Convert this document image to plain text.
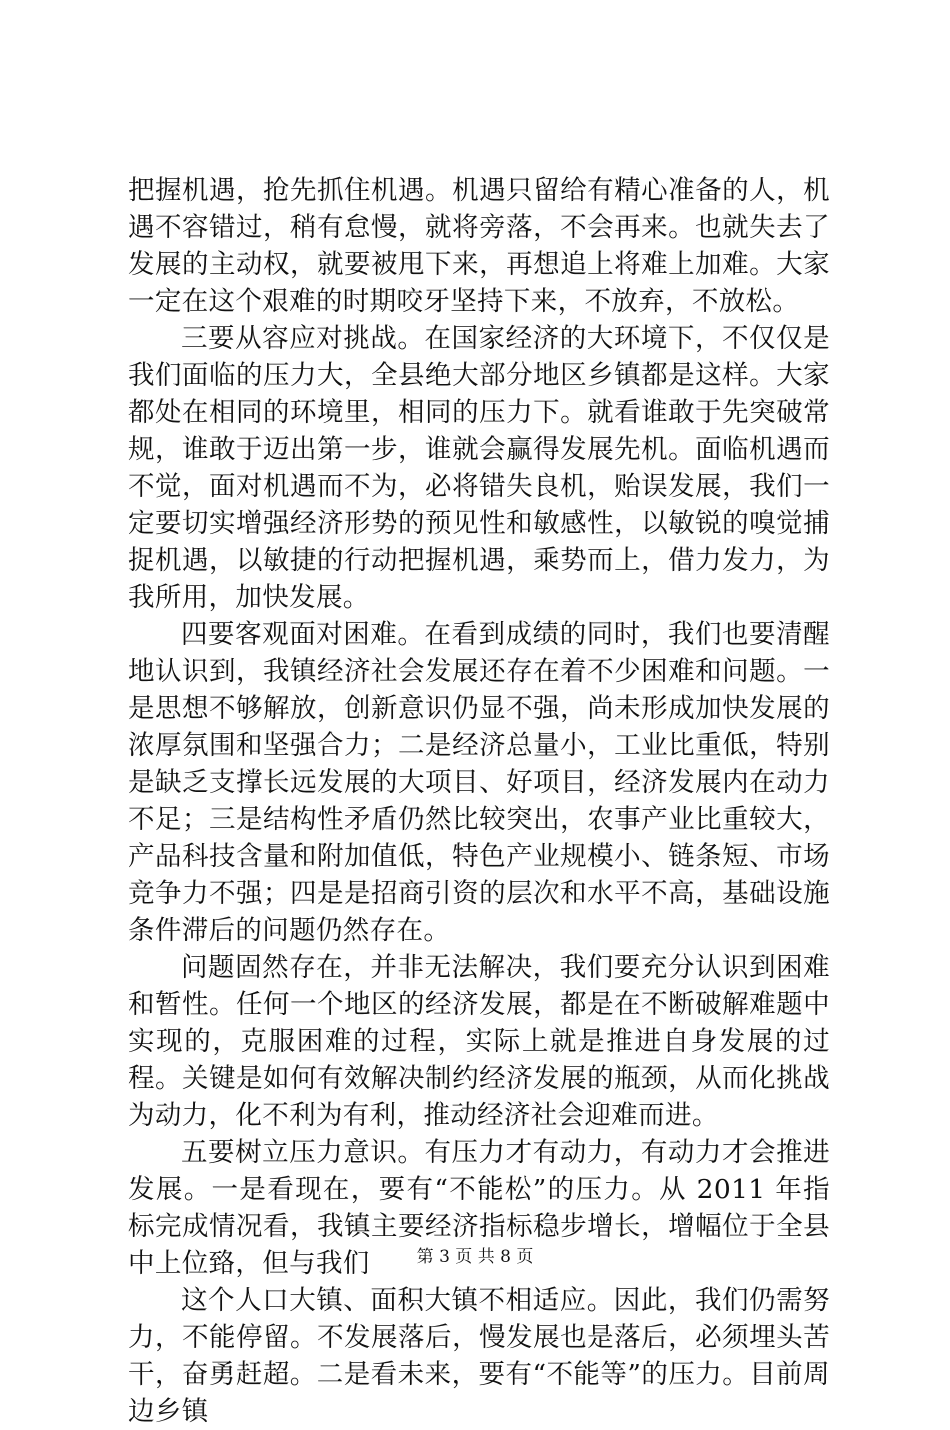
把握机遇，抢先抓住机遇。机遇只留给有精心准备的人，机遇不容错过，稍有怠慢，就将旁落，不会再来。也就失去了发展的主动权，就要被甩下来，再想追上将难上加难。大家一定在这个艰难的时期咬牙坚持下来，不放弃，不放松。

三要从容应对挑战。在国家经济的大环境下，不仅仅是我们面临的压力大，全县绝大部分地区乡镇都是这样。大家都处在相同的环境里，相同的压力下。就看谁敢于先突破常规，谁敢于迈出第一步，谁就会赢得发展先机。面临机遇而不觉，面对机遇而不为，必将错失良机，贻误发展，我们一定要切实增强经济形势的预见性和敏感性，以敏锐的嗅觉捕捉机遇，以敏捷的行动把握机遇，乘势而上，借力发力，为我所用，加快发展。

四要客观面对困难。在看到成绩的同时，我们也要清醒地认识到，我镇经济社会发展还存在着不少困难和问题。一是思想不够解放，创新意识仍显不强，尚未形成加快发展的浓厚氛围和坚强合力；二是经济总量小，工业比重低，特别是缺乏支撑长远发展的大项目、好项目，经济发展内在动力不足；三是结构性矛盾仍然比较突出，农事产业比重较大，产品科技含量和附加值低，特色产业规模小、链条短、市场竞争力不强；四是是招商引资的层次和水平不高，基础设施条件滞后的问题仍然存在。

问题固然存在，并非无法解决，我们要充分认识到困难和暂性。任何一个地区的经济发展，都是在不断破解难题中实现的，克服困难的过程，实际上就是推进自身发展的过程。关键是如何有效解决制约经济发展的瓶颈，从而化挑战为动力，化不利为有利，推动经济社会迎难而进。

五要树立压力意识。有压力才有动力，有动力才会推进发展。一是看现在，要有“不能松”的压力。从 2011 年指标完成情况看，我镇主要经济指标稳步增长，增幅位于全县中上位臵，但与我们

这个人口大镇、面积大镇不相适应。因此，我们仍需努力，不能停留。不发展落后，慢发展也是落后，必须埋头苦干，奋勇赶超。二是看未来，要有“不能等”的压力。目前周边乡镇

第 3 页 共 8 页
